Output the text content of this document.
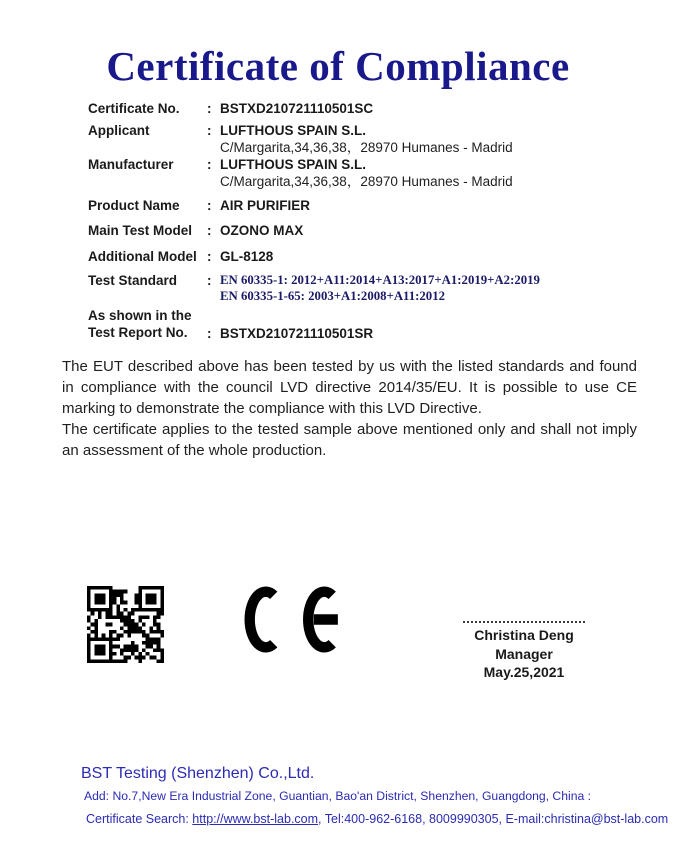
Certificate of Compliance
Certificate No.	: BSTXD210721110501SC
Applicant	: LUFTHOUS SPAIN S.L.
C/Margarita,34,36,38，28970 Humanes - Madrid
Manufacturer	: LUFTHOUS SPAIN S.L.
C/Margarita,34,36,38，28970 Humanes - Madrid
Product Name	: AIR PURIFIER
Main Test Model	: OZONO MAX
Additional Model : GL-8128
Test Standard	: EN 60335-1: 2012+A11:2014+A13:2017+A1:2019+A2:2019
EN 60335-1-65: 2003+A1:2008+A11:2012
As shown in the
Test Report No.	: BSTXD210721110501SR

The EUT described above has been tested by us with the listed standards and found in compliance with the council LVD directive 2014/35/EU. It is possible to use CE marking to demonstrate the compliance with this LVD Directive.

The certificate applies to the tested sample above mentioned only and shall not imply an assessment of the whole production.

Christina Deng
Manager
May.25,2021
BST Testing (Shenzhen) Co.,Ltd.
Add: No.7,New Era Industrial Zone, Guantian, Bao'an District, Shenzhen, Guangdong, China :
Certificate Search: http://www.bst-lab.com, Tel:400-962-6168, 8009990305, E-mail:christina@bst-lab.com
